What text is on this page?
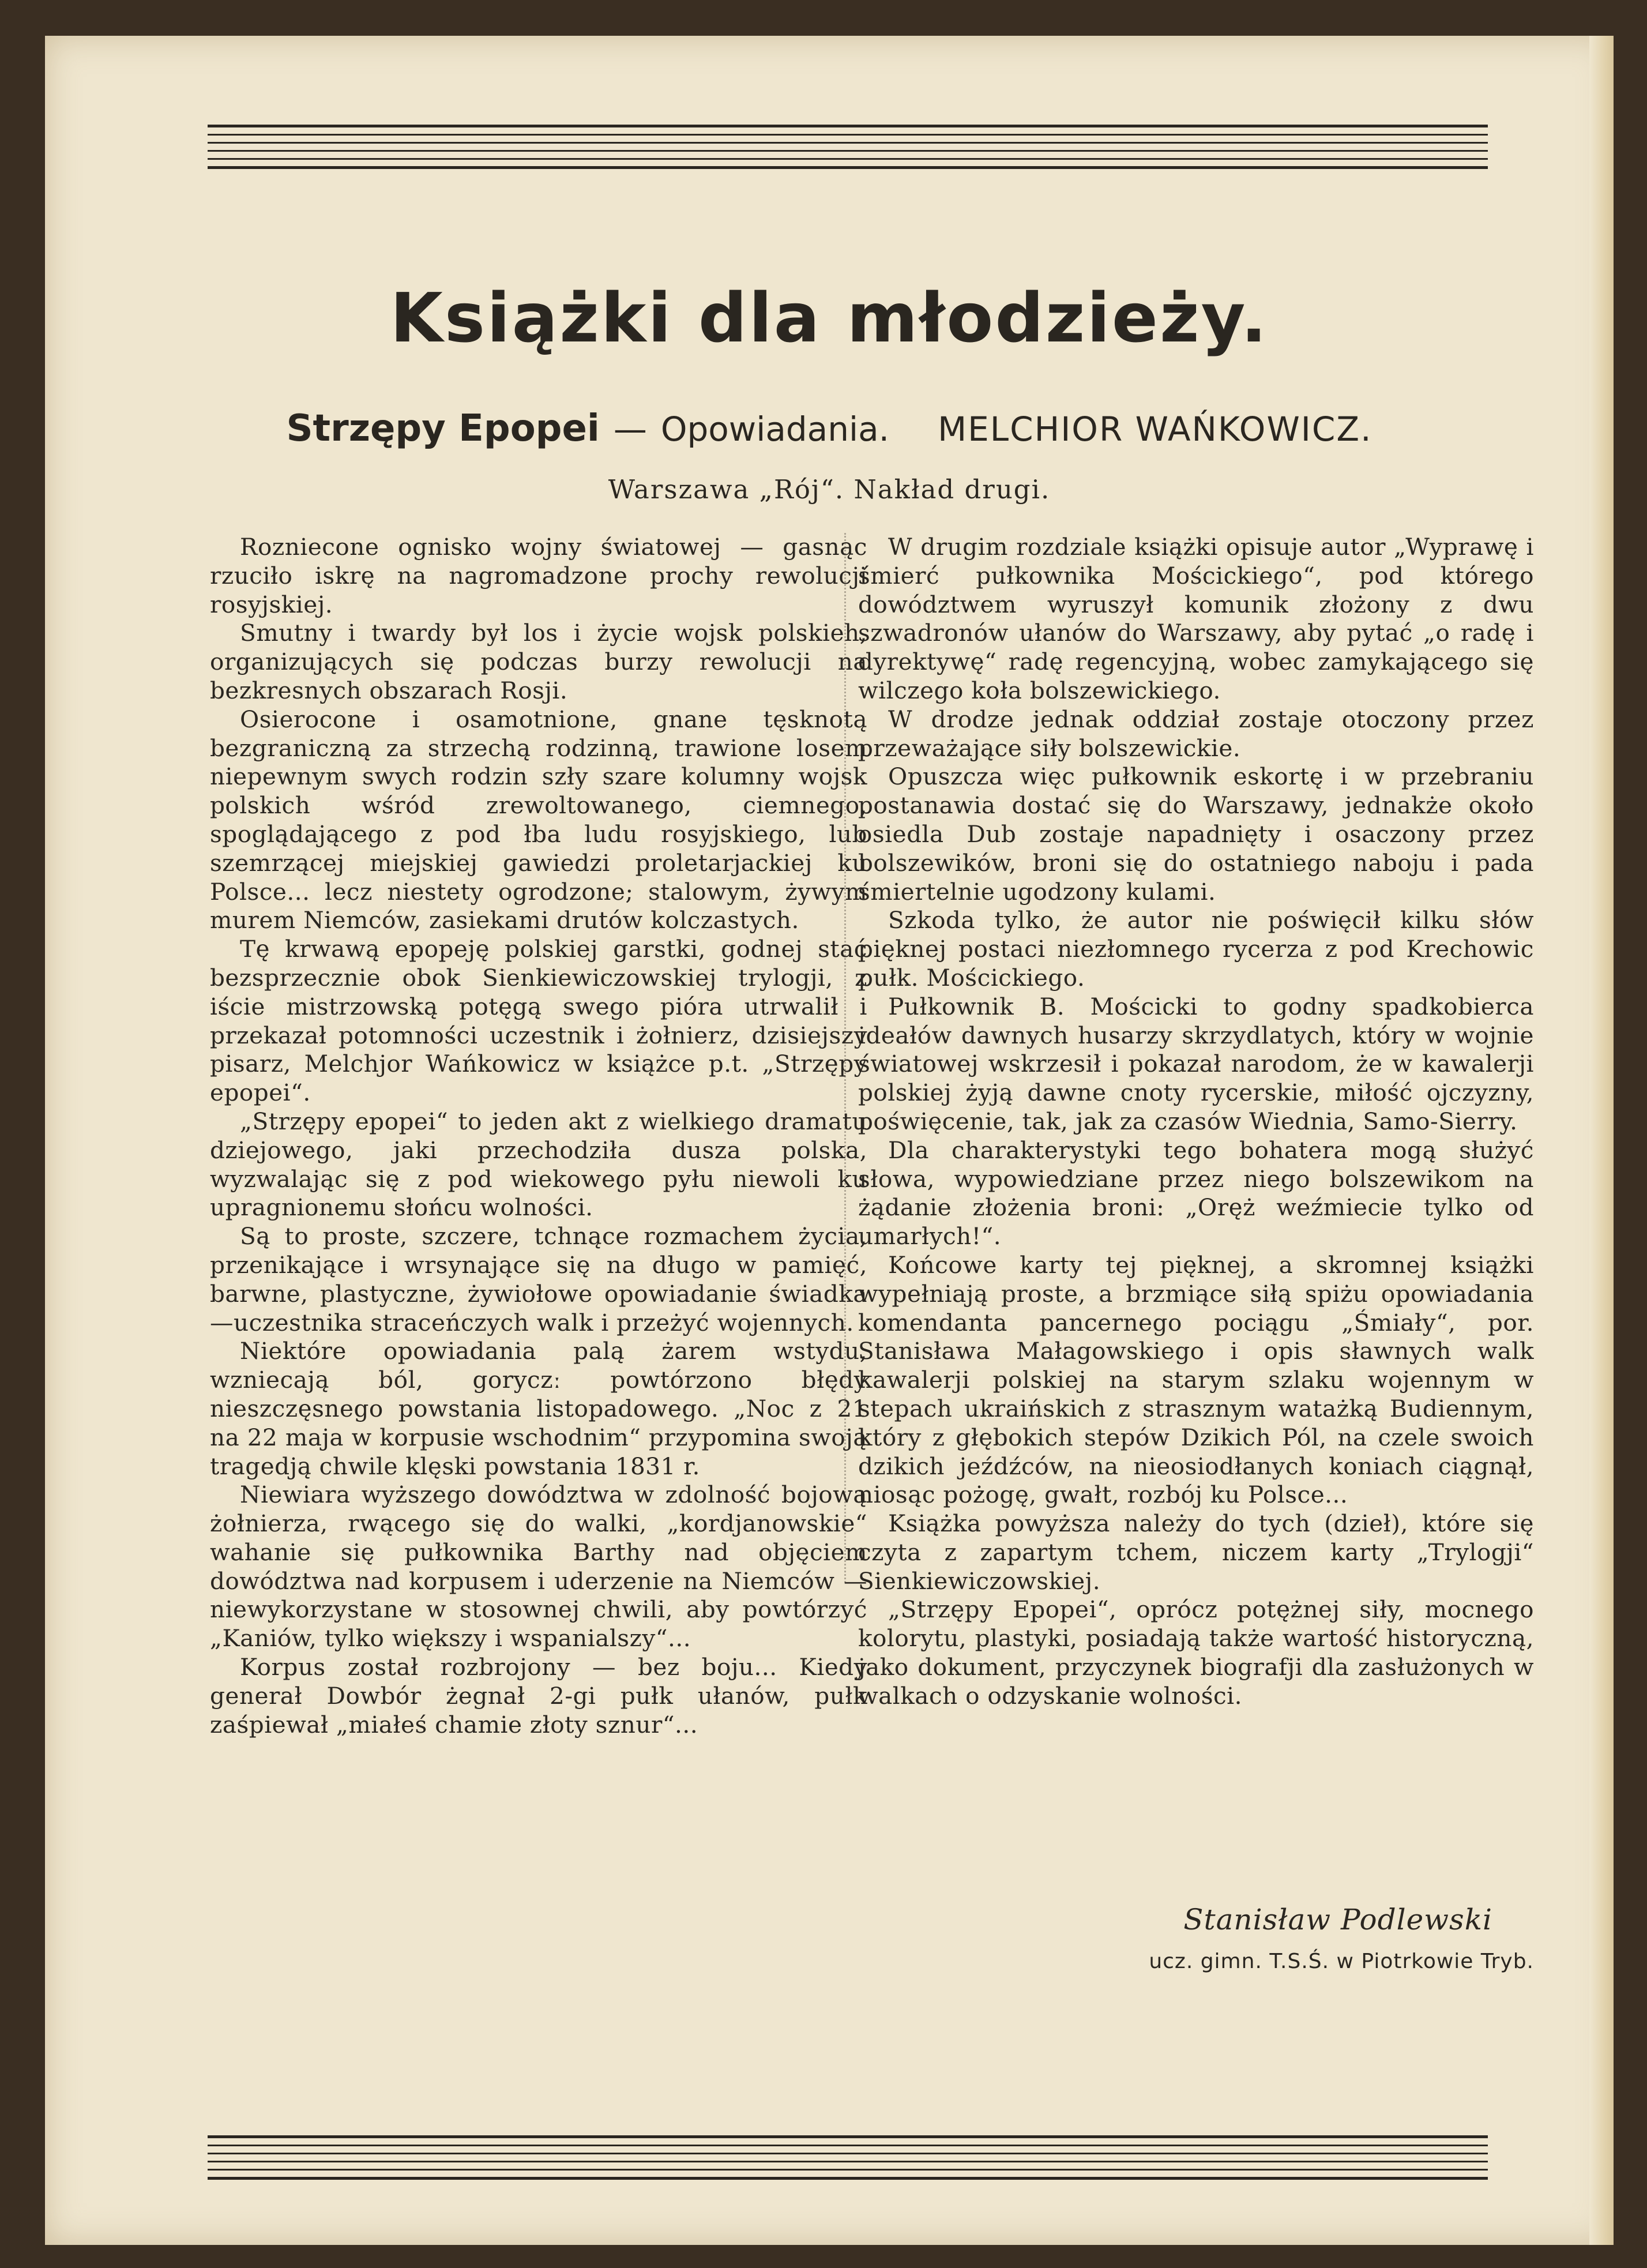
Książki dla młodzieży.
Strzępy Epopei — Opowiadania. MELCHIOR WAŃKOWICZ.
Warszawa „Rój“. Nakład drugi.

Rozniecone ognisko wojny światowej — gasnąc rzuciło iskrę na nagromadzone prochy rewolucji rosyjskiej.

Smutny i twardy był los i życie wojsk polskieh, organizujących się podczas burzy rewolucji na bezkresnych obszarach Rosji.

Osierocone i osamotnione, gnane tęsknotą bezgraniczną za strzechą rodzinną, trawione losem niepewnym swych rodzin szły szare kolumny wojsk polskich wśród zrewoltowanego, ciemnego, spoglądającego z pod łba ludu rosyjskiego, lub szemrzącej miejskiej gawiedzi proletarjackiej ku Polsce... lecz niestety ogrodzone; stalowym, żywym murem Niemców, zasiekami drutów kolczastych.

Tę krwawą epopeję polskiej garstki, godnej stać bezsprzecznie obok Sienkiewiczowskiej trylogji, z iście mistrzowską potęgą swego pióra utrwalił i przekazał potomności uczestnik i żołnierz, dzisiejszy pisarz, Melchjor Wańkowicz w książce p.t. „Strzępy epopei“.

„Strzępy epopei“ to jeden akt z wielkiego dramatu dziejowego, jaki przechodziła dusza polska, wyzwalając się z pod wiekowego pyłu niewoli ku upragnionemu słońcu wolności.

Są to proste, szczere, tchnące rozmachem życia, przenikające i wrsynające się na długo w pamięć, barwne, plastyczne, żywiołowe opowiadanie świadka—uczestnika straceńczych walk i przeżyć wojennych.

Niektóre opowiadania palą żarem wstydu, wzniecają ból, goryczː powtórzono błędy nieszczęsnego powstania listopadowego. „Noc z 21 na 22 maja w korpusie wschodnim“ przypomina swoją tragedją chwile klęski powstania 1831 r.

Niewiara wyższego dowództwa w zdolność bojową żołnierza, rwącego się do walki, „kordjanowskie“ wahanie się pułkownika Barthy nad objęciem dowództwa nad korpusem i uderzenie na Niemców — niewykorzystane w stosownej chwili, aby powtórzyć „Kaniów, tylko większy i wspanialszy“...

Korpus został rozbrojony — bez boju... Kiedy generał Dowbór żegnał 2-gi pułk ułanów, pułk zaśpiewał „miałeś chamie złoty sznur“...

W drugim rozdziale książki opisuje autor „Wyprawę i śmierć pułkownika Mościckiego“, pod którego dowództwem wyruszył komunik złożony z dwu szwadronów ułanów do Warszawy, aby pytać „o radę i dyrektywę“ radę regencyjną, wobec zamykającego się wilczego koła bolszewickiego.

W drodze jednak oddział zostaje otoczony przez przeważające siły bolszewickie.

Opuszcza więc pułkownik eskortę i w przebraniu postanawia dostać się do Warszawy, jednakże około osiedla Dub zostaje napadnięty i osaczony przez bolszewików, broni się do ostatniego naboju i pada śmiertelnie ugodzony kulami.

Szkoda tylko, że autor nie poświęcił kilku słów pięknej postaci niezłomnego rycerza z pod Krechowic pułk. Mościckiego.

Pułkownik B. Mościcki to godny spadkobierca ideałów dawnych husarzy skrzydlatych, który w wojnie światowej wskrzesił i pokazał narodom, że w kawalerji polskiej żyją dawne cnoty rycerskie, miłość ojczyzny, poświęcenie, tak, jak za czasów Wiednia, Samo-Sierry.

Dla charakterystyki tego bohatera mogą służyć słowa, wypowiedziane przez niego bolszewikom na żądanie złożenia broni: „Oręż weźmiecie tylko od umarłych!“.

Końcowe karty tej pięknej, a skromnej książki wypełniają proste, a brzmiące siłą spiżu opowiadania komendanta pancernego pociągu „Śmiały“, por. Stanisława Małagowskiego i opis sławnych walk kawalerji polskiej na starym szlaku wojennym w stepach ukraińskich z strasznym watażką Budiennym, który z głębokich stepów Dzikich Pól, na czele swoich dzikich jeźdźców, na nieosiodłanych koniach ciągnął, niosąc pożogę, gwałt, rozbój ku Polsce...

Książka powyższa należy do tych (dzieł), które się czyta z zapartym tchem, niczem karty „Trylogji“ Sienkiewiczowskiej.

„Strzępy Epopei“, oprócz potężnej siły, mocnego kolorytu, plastyki, posiadają także wartość historyczną, jako dokument, przyczynek biografji dla zasłużonych w walkach o odzyskanie wolności.

Stanisław Podlewski
ucz. gimn. T.S.Ś. w Piotrkowie Tryb.
